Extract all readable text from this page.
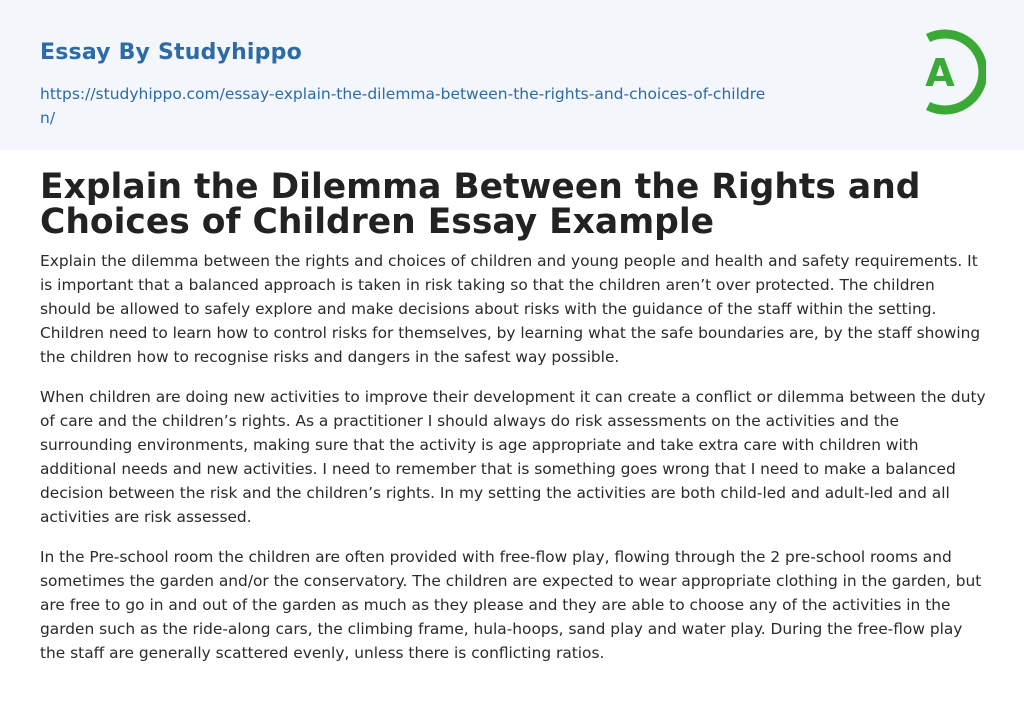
Essay By Studyhippo
https://studyhippo.com/essay-explain-the-dilemma-between-the-rights-and-choices-of-children/
A
Explain the Dilemma Between the Rights and Choices of Children Essay Example

Explain the dilemma between the rights and choices of children and young people and health and safety requirements. It is important that a balanced approach is taken in risk taking so that the children aren’t over protected. The children should be allowed to safely explore and make decisions about risks with the guidance of the staff within the setting. Children need to learn how to control risks for themselves, by learning what the safe boundaries are, by the staff showing the children how to recognise risks and dangers in the safest way possible.

When children are doing new activities to improve their development it can create a conflict or dilemma between the duty of care and the children’s rights. As a practitioner I should always do risk assessments on the activities and the surrounding environments, making sure that the activity is age appropriate and take extra care with children with additional needs and new activities. I need to remember that is something goes wrong that I need to make a balanced decision between the risk and the children’s rights. In my setting the activities are both child-led and adult-led and all activities are risk assessed.

In the Pre-school room the children are often provided with free-flow play, flowing through the 2 pre-school rooms and sometimes the garden and/or the conservatory. The children are expected to wear appropriate clothing in the garden, but are free to go in and out of the garden as much as they please and they are able to choose any of the activities in the garden such as the ride-along cars, the climbing frame, hula-hoops, sand play and water play. During the free-flow play the staff are generally scattered evenly, unless there is conflicting ratios.
